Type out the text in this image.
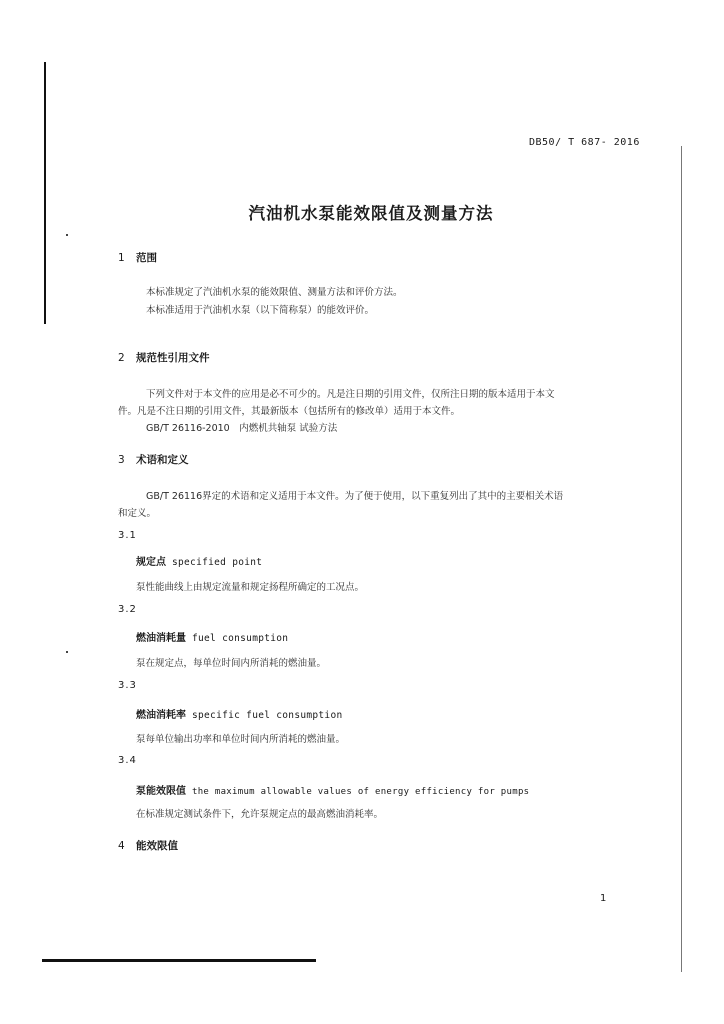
DB50/ T 687- 2016
汽油机水泵能效限值及测量方法
1 范围
本标准规定了汽油机水泵的能效限值、测量方法和评价方法。
本标准适用于汽油机水泵（以下简称泵）的能效评价。
2 规范性引用文件
下列文件对于本文件的应用是必不可少的。凡是注日期的引用文件，仅所注日期的版本适用于本文
件。凡是不注日期的引用文件，其最新版本（包括所有的修改单）适用于本文件。
GB/T 26116-2010　内燃机共轴泵 试验方法
3 术语和定义
GB/T 26116界定的术语和定义适用于本文件。为了便于使用，以下重复列出了其中的主要相关术语
和定义。
3.1
规定点 specified point
泵性能曲线上由规定流量和规定扬程所确定的工况点。
3.2
燃油消耗量 fuel consumption
泵在规定点，每单位时间内所消耗的燃油量。
3.3
燃油消耗率 specific fuel consumption
泵每单位输出功率和单位时间内所消耗的燃油量。
3.4
泵能效限值 the maximum allowable values of energy efficiency for pumps
在标准规定测试条件下，允许泵规定点的最高燃油消耗率。
4 能效限值
1
